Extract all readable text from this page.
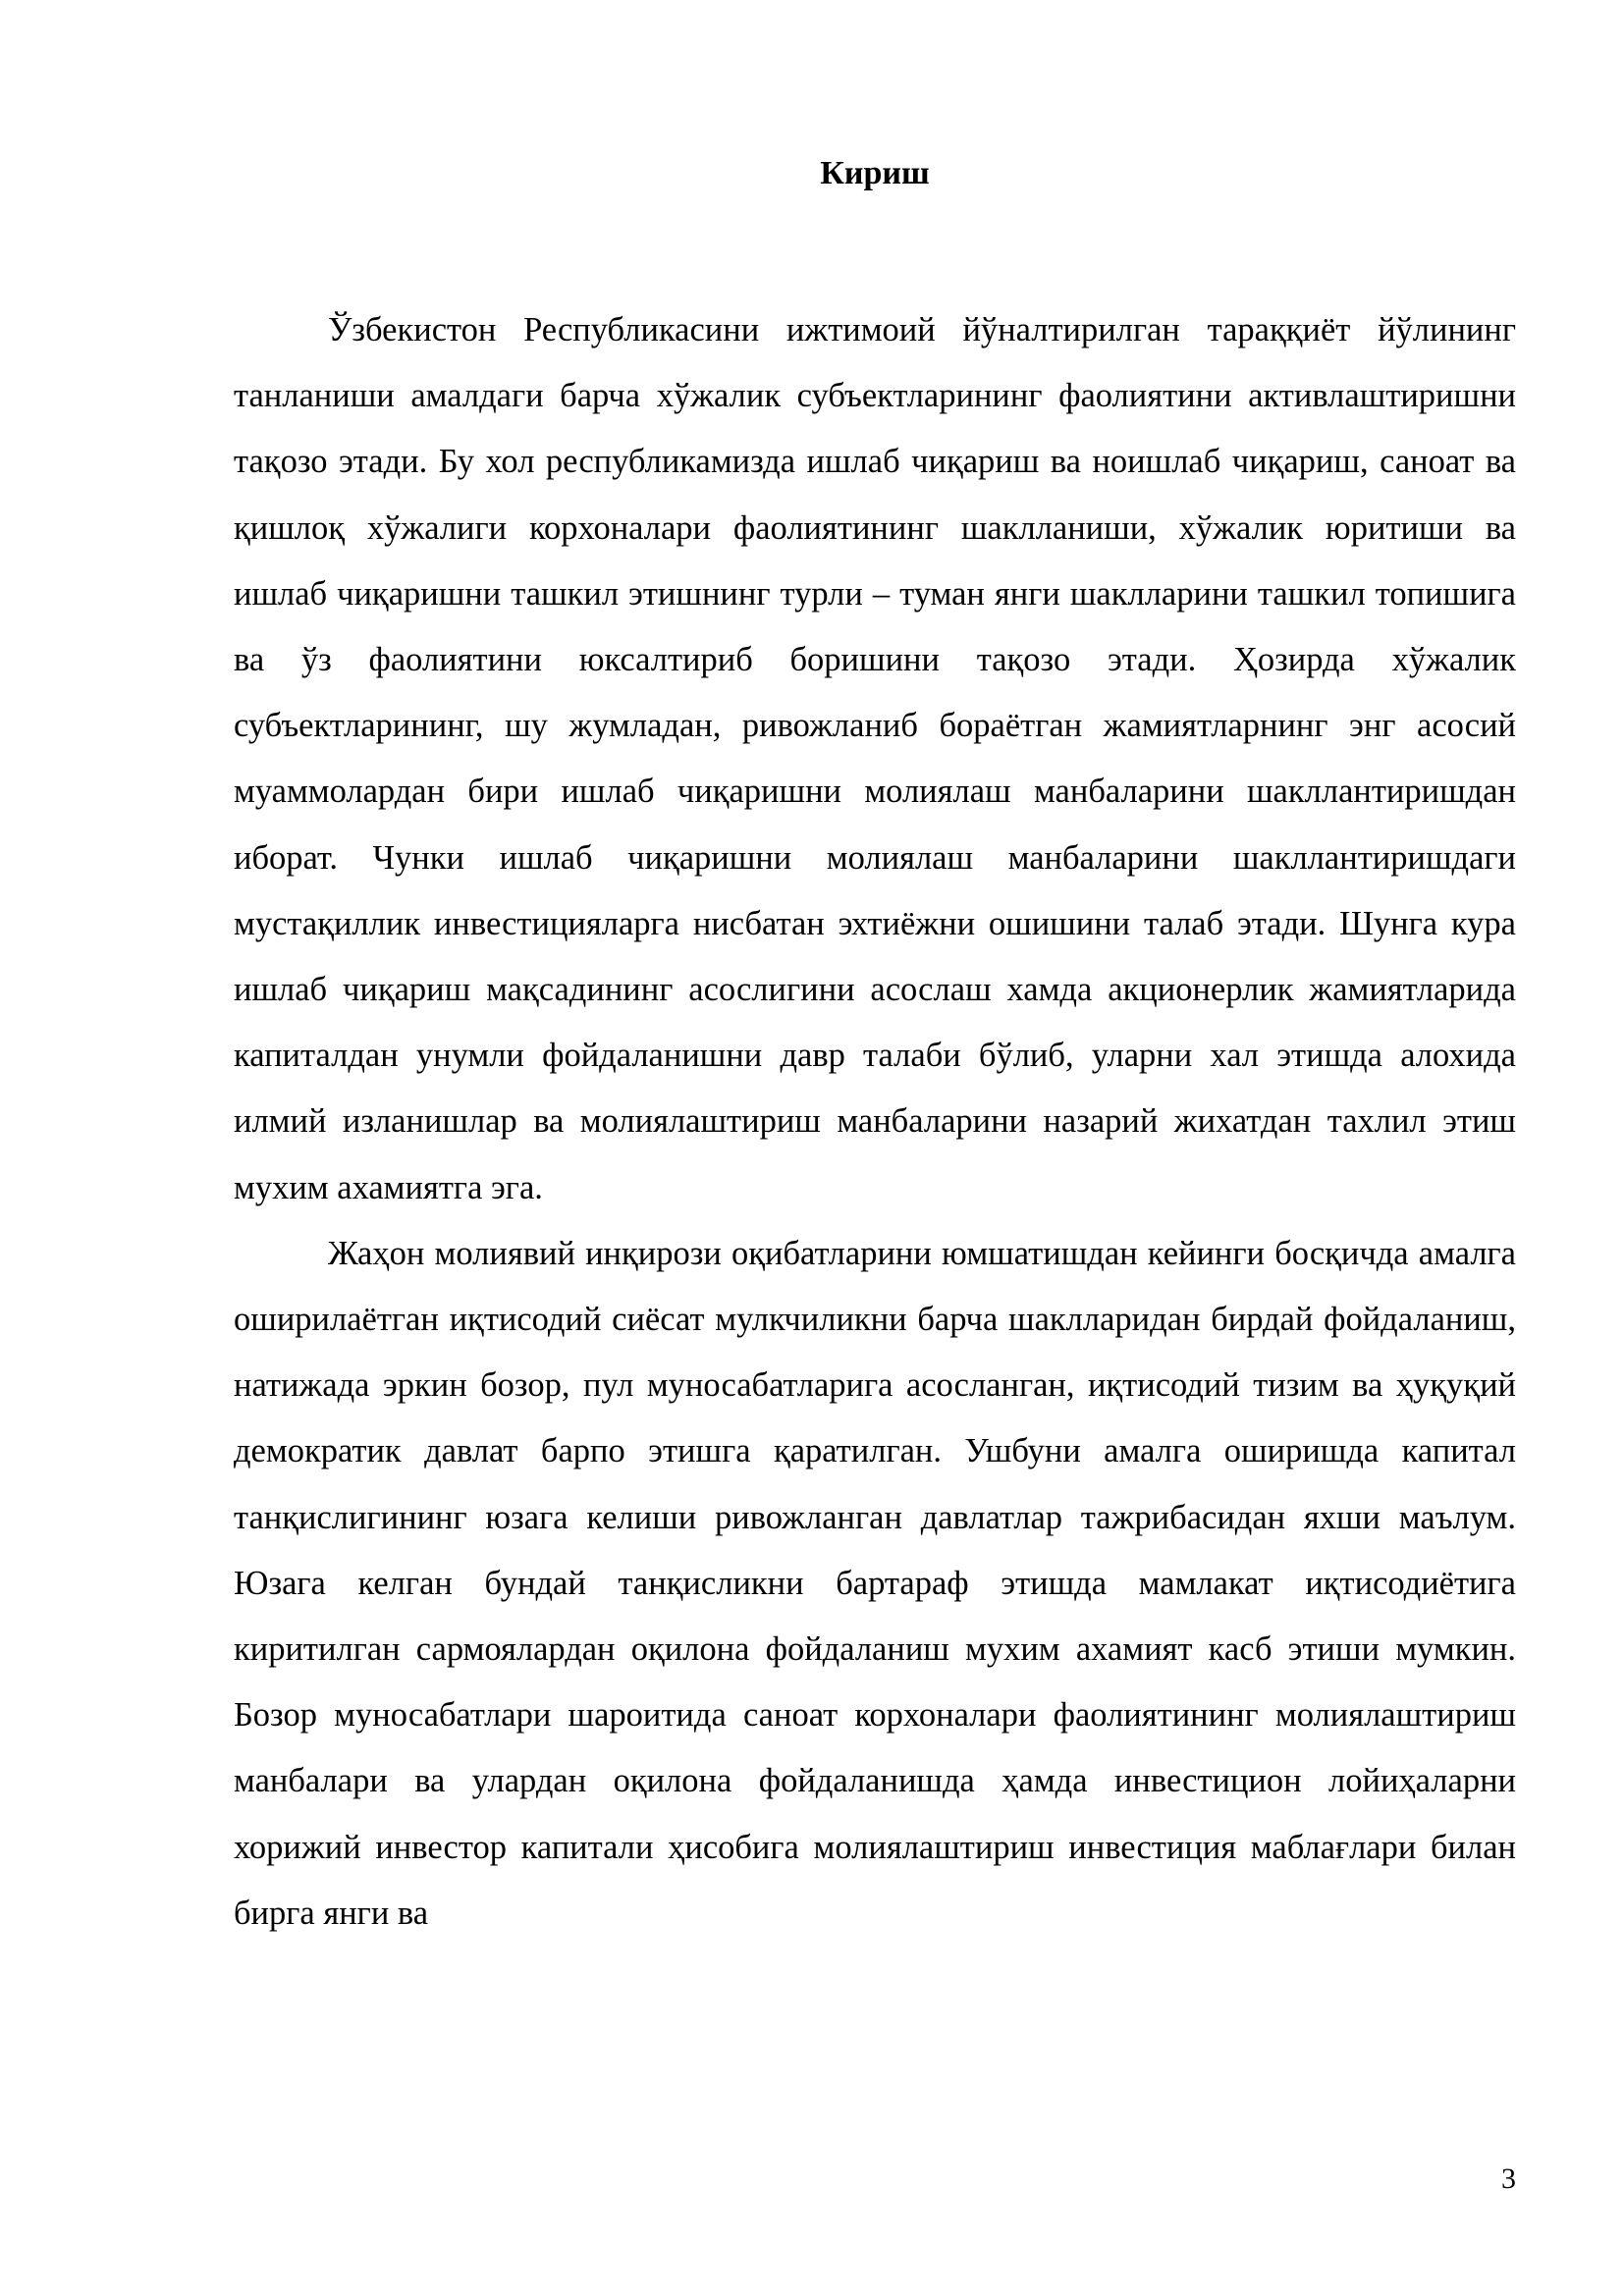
Кириш

Ўзбекистон Республикасини ижтимоий йўналтирилган тараққиёт йўлининг танланиши амалдаги барча хўжалик субъектларининг фаолиятини активлаштиришни тақозо этади. Бу хол республикамизда ишлаб чиқариш ва ноишлаб чиқариш, саноат ва қишлоқ хўжалиги корхоналари фаолиятининг шаклланиши, хўжалик юритиши ва ишлаб чиқаришни ташкил этишнинг турли – туман янги шаклларини ташкил топишига ва ўз фаолиятини юксалтириб боришини тақозо этади. Ҳозирда хўжалик субъектларининг, шу жумладан, ривожланиб бораётган жамиятларнинг энг асосий муаммолардан бири ишлаб чиқаришни молиялаш манбаларини шакллантиришдан иборат. Чунки ишлаб чиқаришни молиялаш манбаларини шакллантиришдаги мустақиллик инвестицияларга нисбатан эхтиёжни ошишини талаб этади. Шунга кура ишлаб чиқариш мақсадининг асослигини асослаш хамда акционерлик жамиятларида капиталдан унумли фойдаланишни давр талаби бўлиб, уларни хал этишда алохида илмий изланишлар ва молиялаштириш манбаларини назарий жихатдан тахлил этиш мухим ахамиятга эга.

Жаҳон молиявий инқирози оқибатларини юмшатишдан кейинги босқичда амалга оширилаётган иқтисодий сиёсат мулкчиликни барча шаклларидан бирдай фойдаланиш, натижада эркин бозор, пул муносабатларига асосланган, иқтисодий тизим ва ҳуқуқий демократик давлат барпо этишга қаратилган. Ушбуни амалга оширишда капитал танқислигининг юзага келиши ривожланган давлатлар тажрибасидан яхши маълум. Юзага келган бундай танқисликни бартараф этишда мамлакат иқтисодиётига киритилган сармоялардан оқилона фойдаланиш мухим ахамият касб этиши мумкин. Бозор муносабатлари шароитида саноат корхоналари фаолиятининг молиялаштириш манбалари ва улардан оқилона фойдаланишда ҳамда инвестицион лойиҳаларни хорижий инвестор капитали ҳисобига молиялаштириш инвестиция маблағлари билан бирга янги ва

3
